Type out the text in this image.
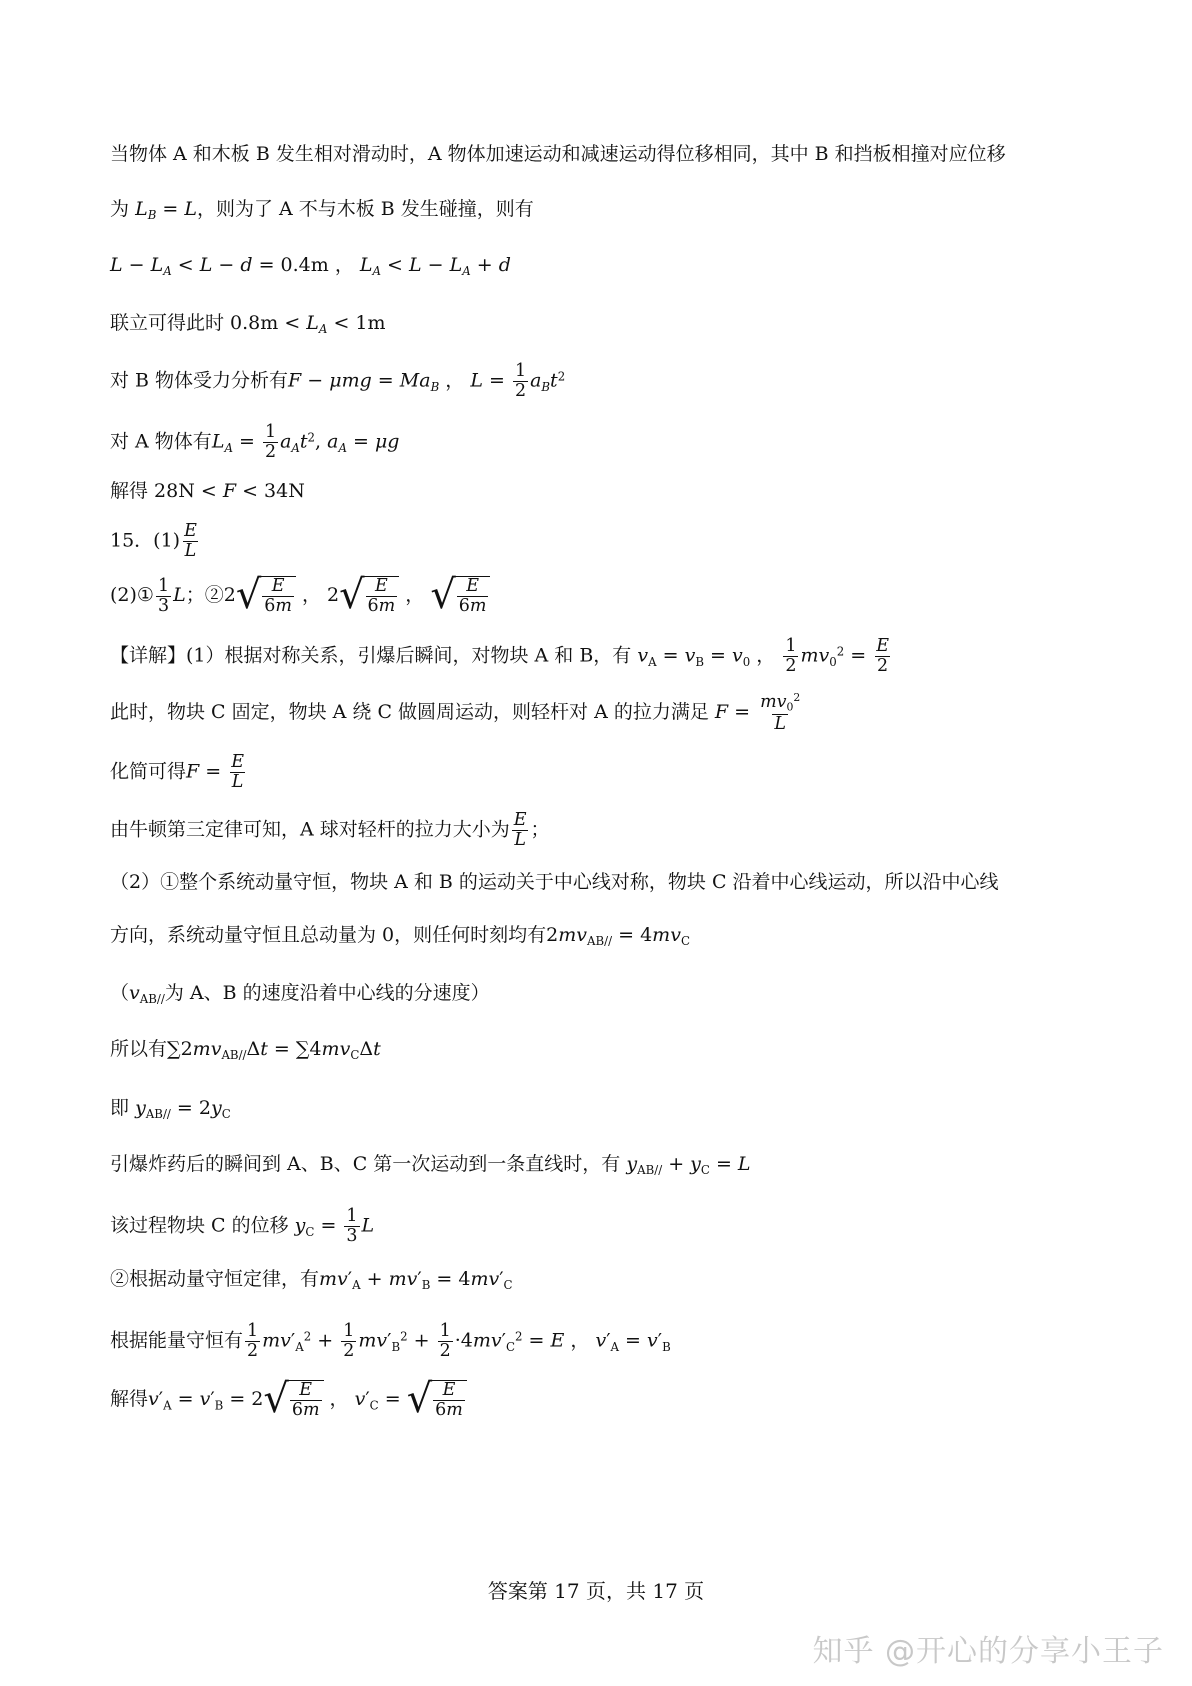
当物体 A 和木板 B 发生相对滑动时，A 物体加速运动和减速运动得位移相同，其中 B 和挡板相撞对应位移
为 $L_B = L$，则为了 A 不与木板 B 发生碰撞，则有
$L - L_A < L - d = 0.4m$ ， $L_A < L - L_A + d$
联立可得此时 $0.8m < L_A < 1m$
对 B 物体受力分析有$F - \mu mg = Ma_B$ ， $L = \frac{1}{2} a_Bt^2$
对 A 物体有$L_A = \frac{1}{2} a_At^2$, $a_A = \mu g$
解得 28N < F < 34N
15．$(1) \frac{E}{L}$
(2)① $\frac{1}{3}$ L；②2 √ E
6m ， 2 √ E
6m ， √ E
6m
【详解】(1）根据对称关系，引爆后瞬间，对物块 A 和 B，有 $v_A = v_B = v_0$ ， $\frac{1}{2} mv_0^2 = \frac{E}{2}$
此时，物块 C 固定，物块 A 绕 C 做圆周运动，则轻杆对 A 的拉力满足 $F = \frac{mv_0^2}{L}$
化简可得$F = \frac{E}{L}$
由牛顿第三定律可知，A 球对轻杆的拉力大小为 $\frac{E}{L}$ ；
（2）①整个系统动量守恒，物块 A 和 B 的运动关于中心线对称，物块 C 沿着中心线运动，所以沿中心线
方向，系统动量守恒且总动量为 0，则任何时刻均有$2mv_{AB//} = 4mv_C$
（$v_{AB//}$为 A、B 的速度沿着中心线的分速度）
所以有$\sum 2mv_{AB//}\Delta t = \sum 4mv_C\Delta t$
即 $y_{AB//} = 2y_C$
引爆炸药后的瞬间到 A、B、C 第一次运动到一条直线时，有 $y_{AB//} + y_C = L$
该过程物块 C 的位移 $y_C = \frac{1}{3}$ L
②根据动量守恒定律，有$mv'_A + mv'_B = 4mv'_C$
根据能量守恒有 $\frac{1}{2} mv'_A^2 + \frac{1}{2} mv'_B^2 + \frac{1}{2} \cdot 4mv'_C^2 = E$ ， $v'_A = v'_B$
解得$v'_A = v'_B = 2$ √ E
6m ， $v'_C$ = √ E
6m
答案第 17 页，共 17 页
知乎 @开心的分享小王子
